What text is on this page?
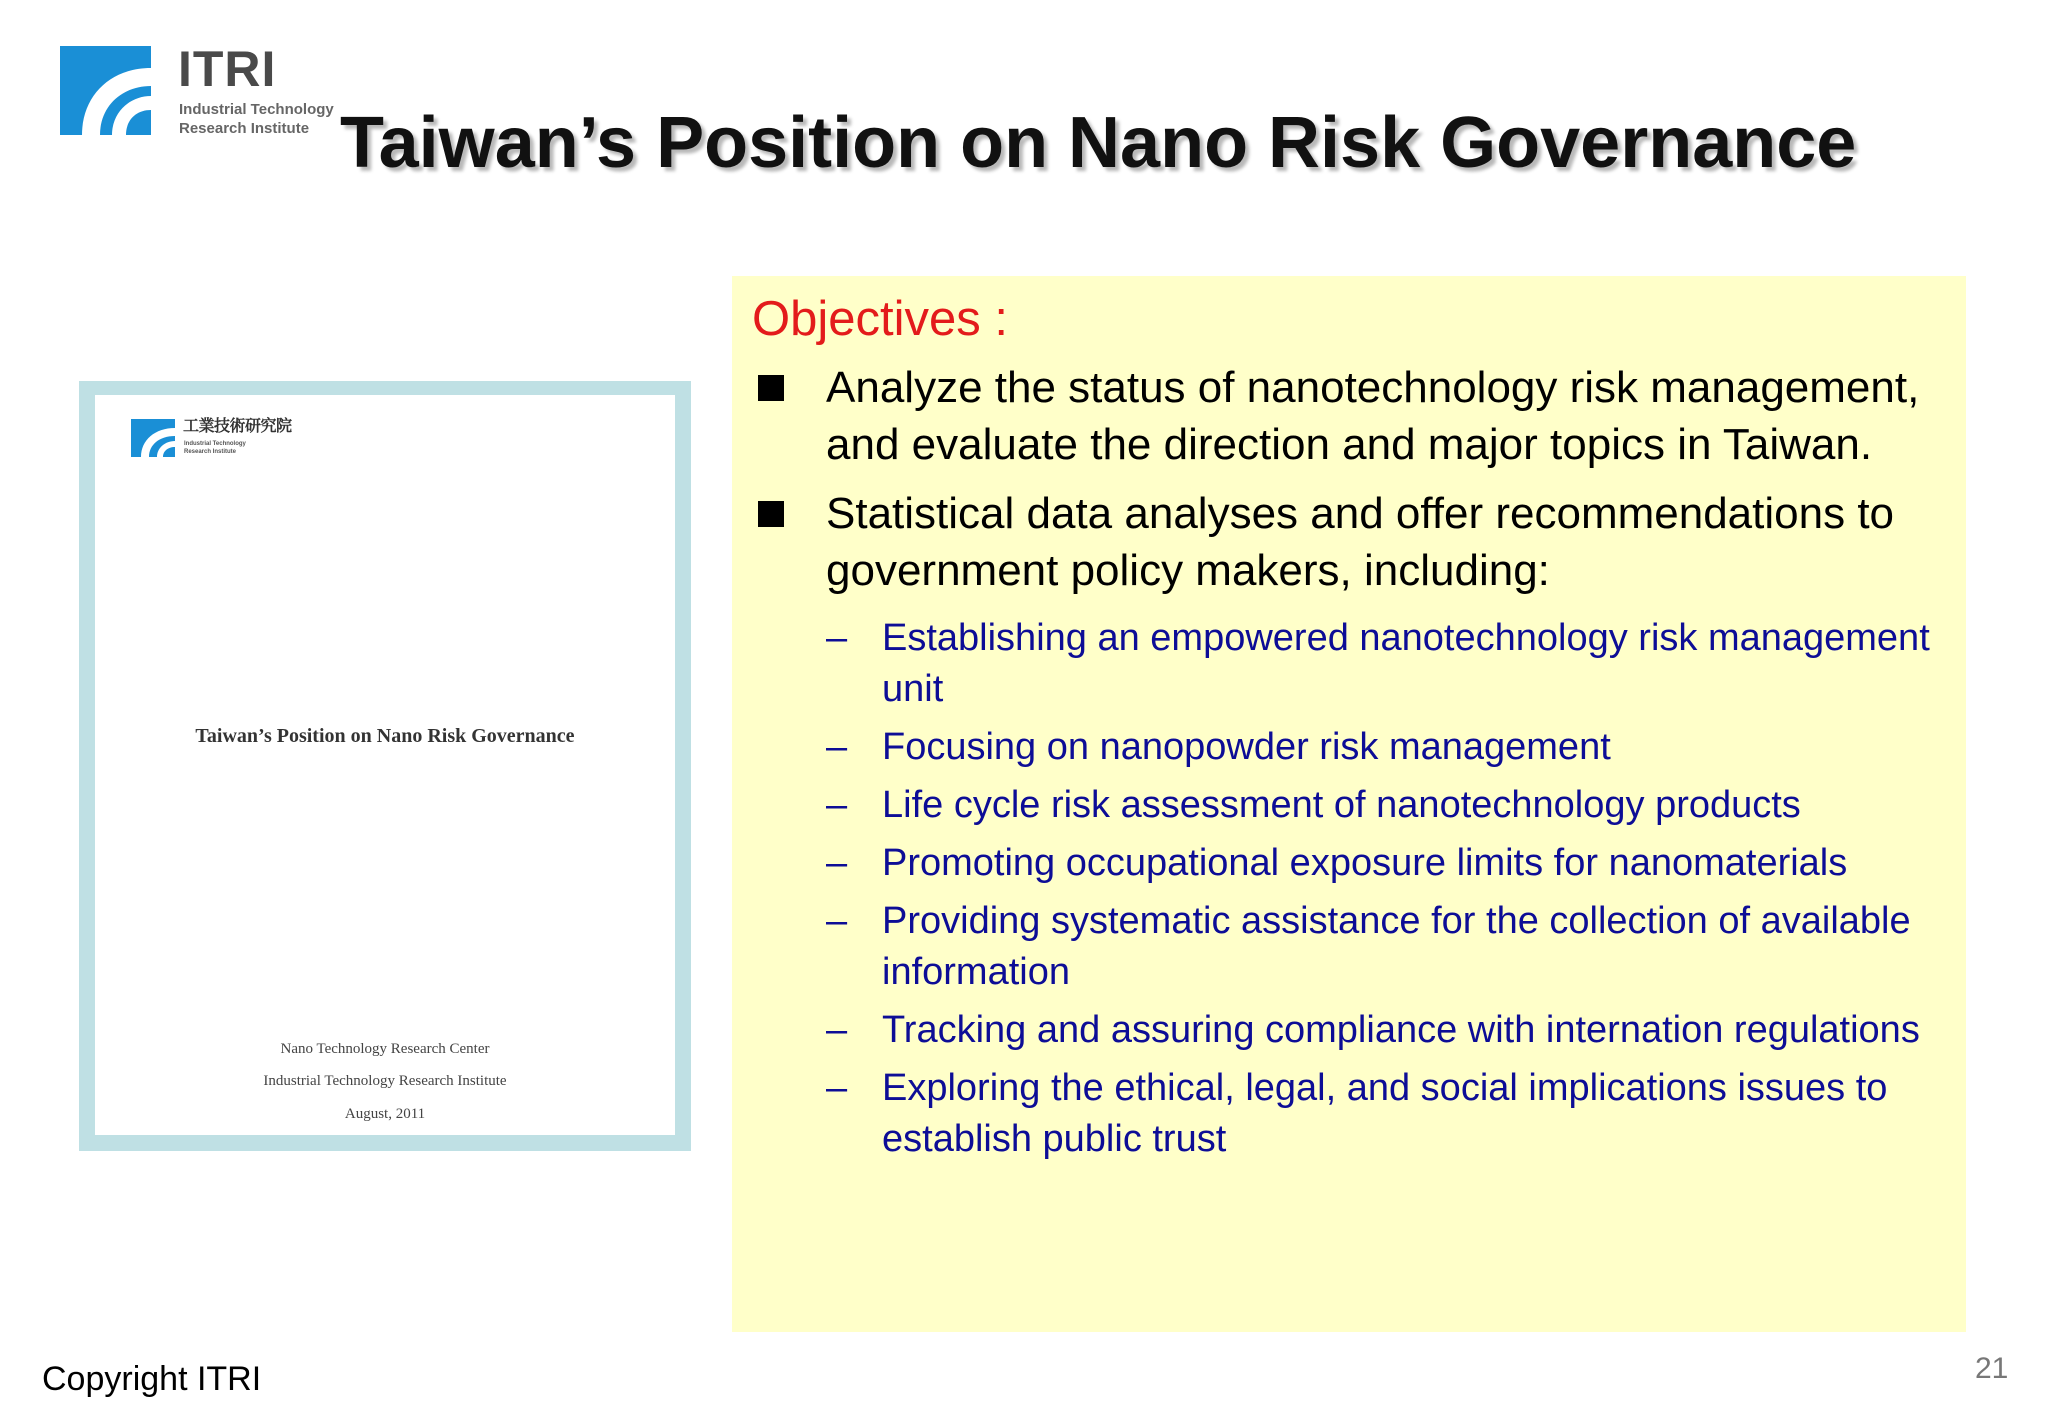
ITRI
Industrial Technology
Research Institute Taiwan’s Position on Nano Risk Governance
工業技術研究院
Industrial Technology
Research Institute
Taiwan’s Position on Nano Risk Governance
Nano Technology Research Center
Industrial Technology Research Institute
August, 2011
Objectives :
Analyze the status of nanotechnology risk management, and evaluate the direction and major topics in Taiwan.
Statistical data analyses and offer recommendations to government policy makers, including:
– Establishing an empowered nanotechnology risk management unit
– Focusing on nanopowder risk management
– Life cycle risk assessment of nanotechnology products
– Promoting occupational exposure limits for nanomaterials
– Providing systematic assistance for the collection of available information
– Tracking and assuring compliance with internation regulations
– Exploring the ethical, legal, and social implications issues to establish public trust
Copyright ITRI	21
